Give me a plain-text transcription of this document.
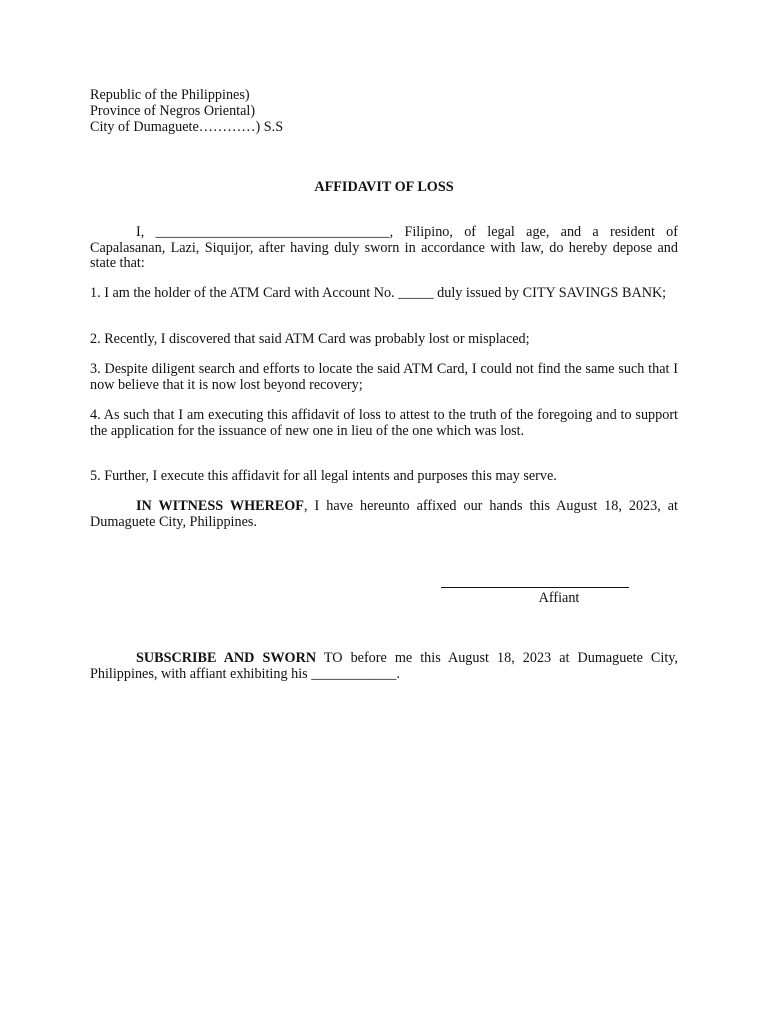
Republic of the Philippines)
Province of Negros Oriental)
City of Dumaguete…………) S.S
AFFIDAVIT OF LOSS
I, _________________________________, Filipino, of legal age, and a resident of Capalasanan, Lazi, Siquijor, after having duly sworn in accordance with law, do hereby depose and state that:
1. I am the holder of the ATM Card with Account No. _____ duly issued by CITY SAVINGS BANK;
2. Recently, I discovered that said ATM Card was probably lost or misplaced;
3. Despite diligent search and efforts to locate the said ATM Card, I could not find the same such that I now believe that it is now lost beyond recovery;
4. As such that I am executing this affidavit of loss to attest to the truth of the foregoing and to support the application for the issuance of new one in lieu of the one which was lost.
5. Further, I execute this affidavit for all legal intents and purposes this may serve.
IN WITNESS WHEREOF, I have hereunto affixed our hands this August 18, 2023, at Dumaguete City, Philippines.
Affiant
SUBSCRIBE AND SWORN TO before me this August 18, 2023 at Dumaguete City, Philippines, with affiant exhibiting his ____________.
